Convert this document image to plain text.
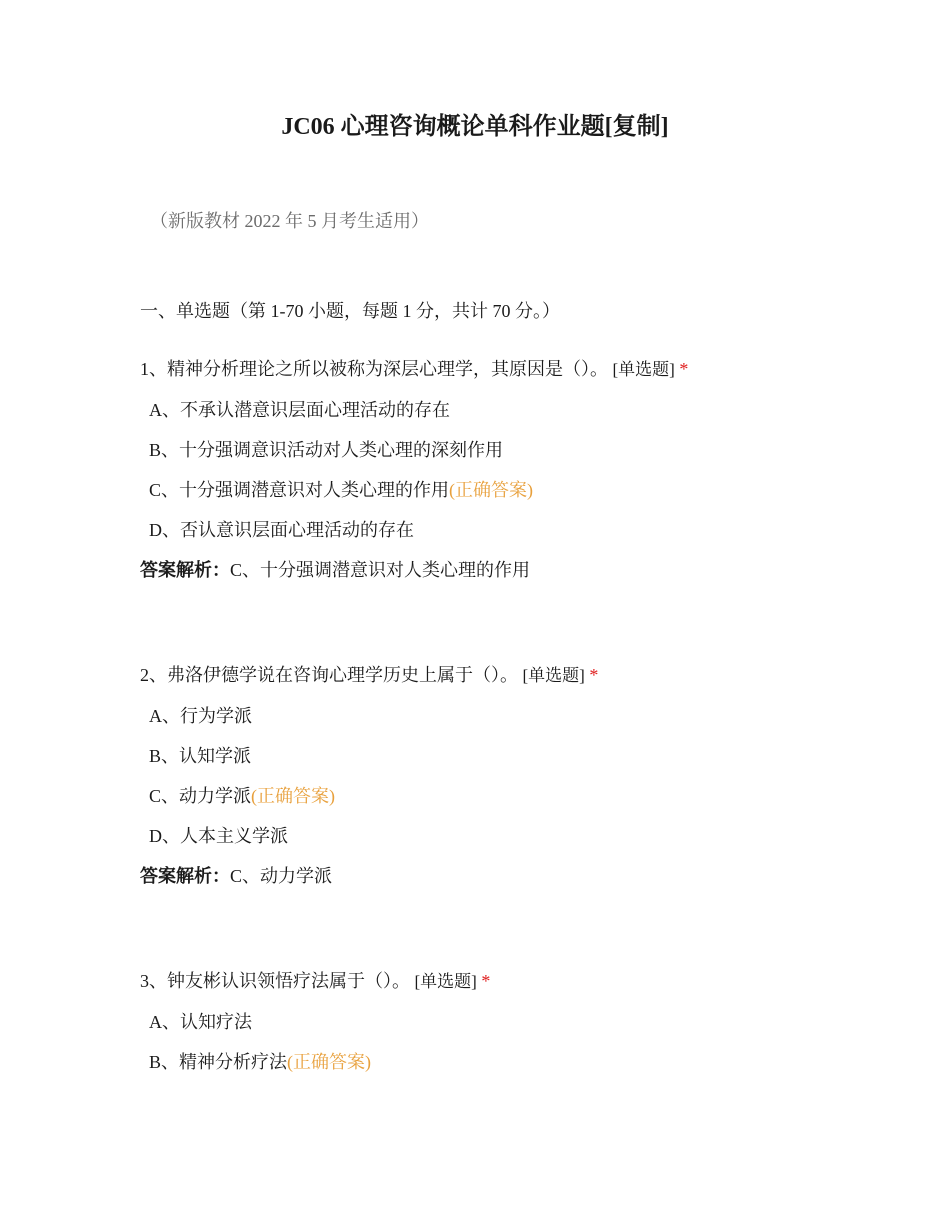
JC06 心理咨询概论单科作业题[复制]
（新版教材 2022 年 5 月考生适用）
一、单选题（第 1-70 小题，每题 1 分，共计 70 分。）

1、精神分析理论之所以被称为深层心理学，其原因是（）。 [单选题] *

A、不承认潜意识层面心理活动的存在
B、十分强调意识活动对人类心理的深刻作用
C、十分强调潜意识对人类心理的作用(正确答案)
D、否认意识层面心理活动的存在
答案解析：C、十分强调潜意识对人类心理的作用

2、弗洛伊德学说在咨询心理学历史上属于（）。 [单选题] *

A、行为学派
B、认知学派
C、动力学派(正确答案)
D、人本主义学派
答案解析：C、动力学派

3、钟友彬认识领悟疗法属于（）。 [单选题] *

A、认知疗法
B、精神分析疗法(正确答案)
